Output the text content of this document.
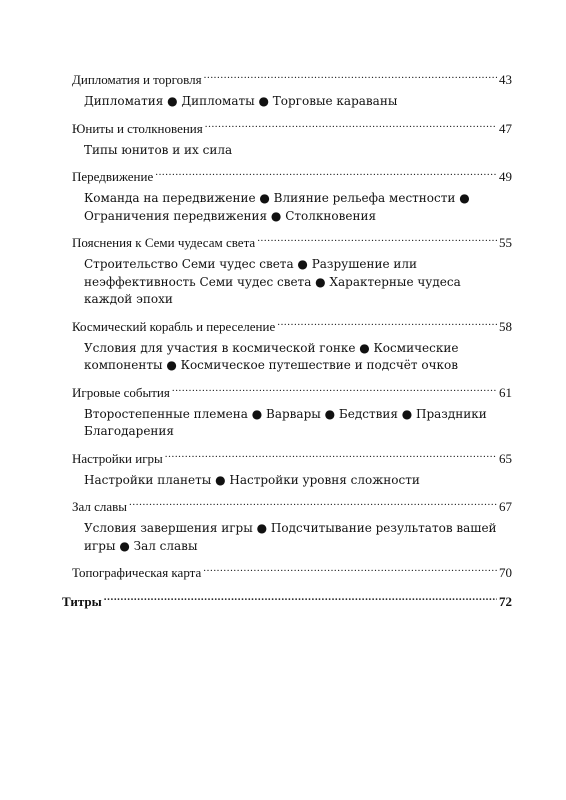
Дипломатия и торговля .....	43
Дипломатия ● Дипломаты ● Торговые караваны
Юниты и столкновения .....	47
Типы юнитов и их сила
Передвижение .....	49
Команда на передвижение ● Влияние рельефа местности ● Ограничения передвижения ● Столкновения
Пояснения к Семи чудесам света .....	55
Строительство Семи чудес света ● Разрушение или неэффективность Семи чудес света ● Характерные чудеса каждой эпохи
Космический корабль и переселение .....	58
Условия для участия в космической гонке ● Космические компоненты ● Космическое путешествие и подсчёт очков
Игровые события .....	61
Второстепенные племена ● Варвары ● Бедствия ● Праздники Благодарения
Настройки игры .....	65
Настройки планеты ● Настройки уровня сложности
Зал славы .....	67
Условия завершения игры ● Подсчитывание результатов вашей игры ● Зал славы
Топографическая карта .....	70
Титры .....	72
